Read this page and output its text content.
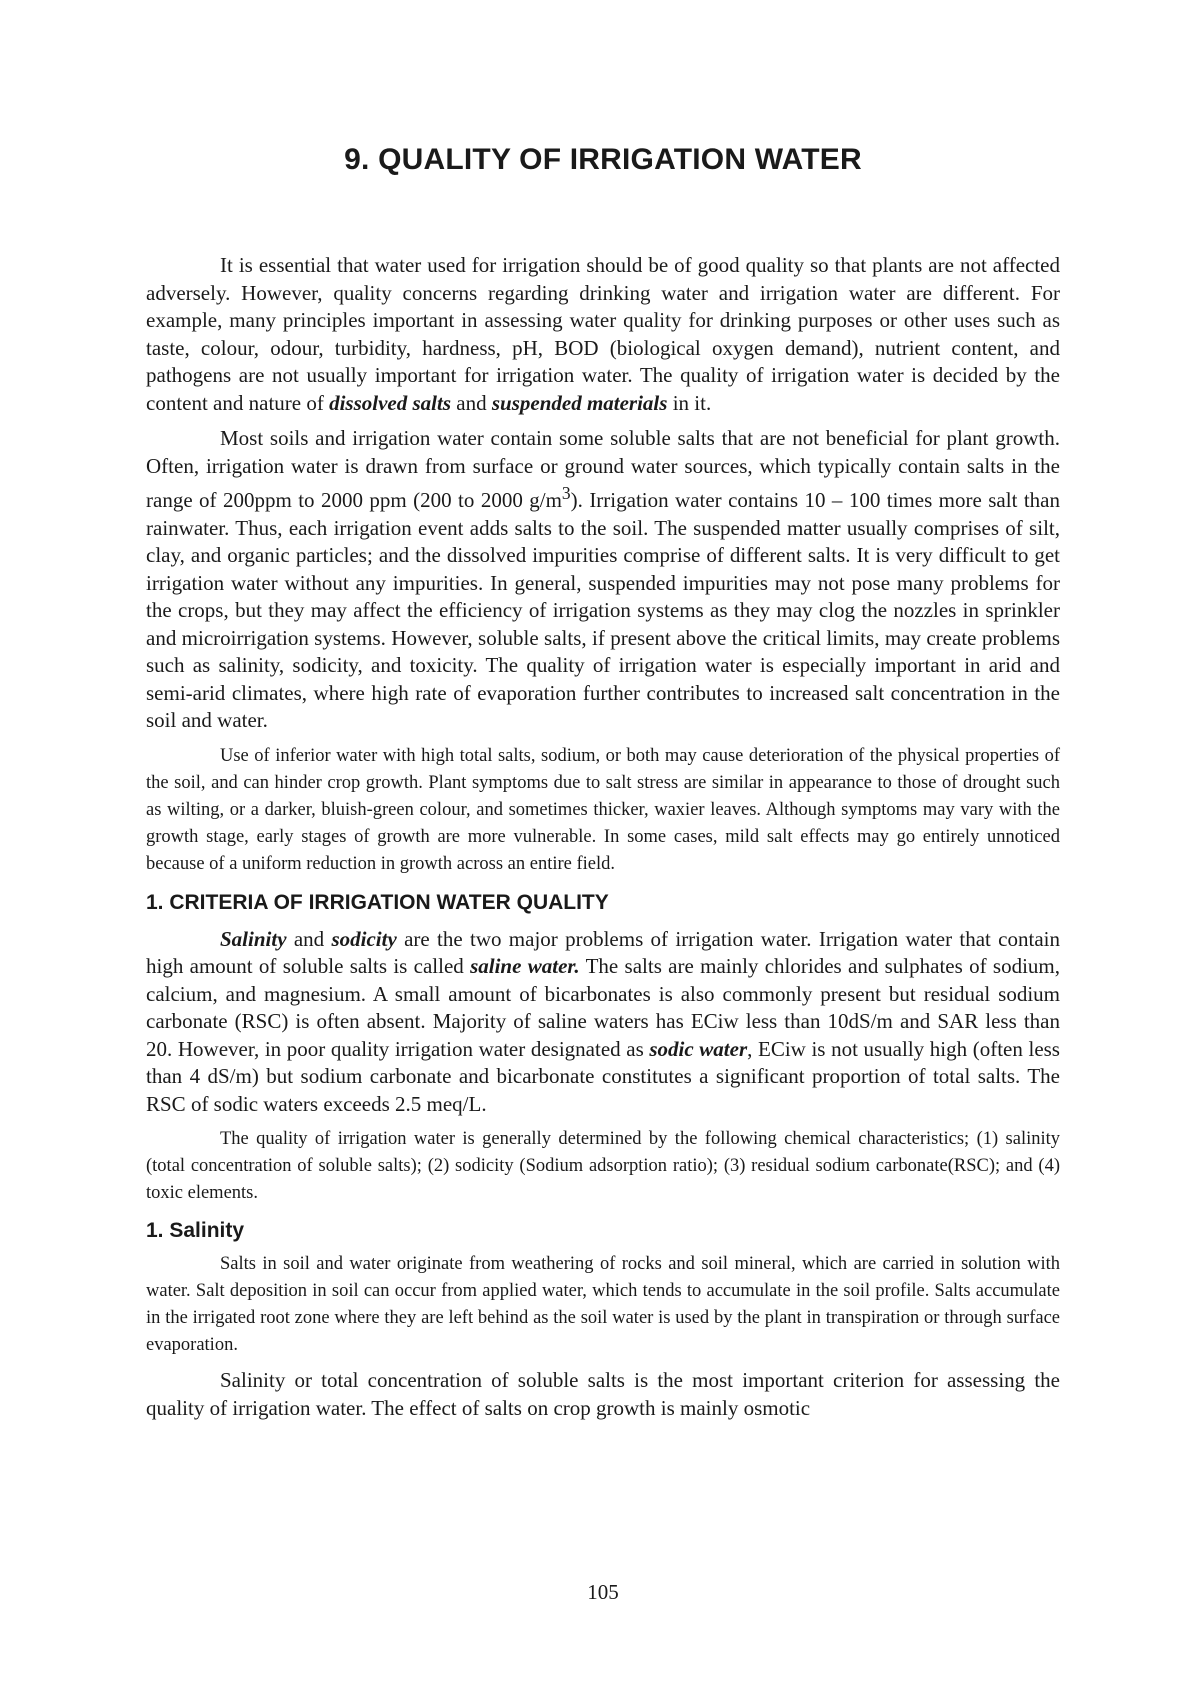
9. QUALITY OF IRRIGATION WATER

It is essential that water used for irrigation should be of good quality so that plants are not affected adversely. However, quality concerns regarding drinking water and irrigation water are different. For example, many principles important in assessing water quality for drinking purposes or other uses such as taste, colour, odour, turbidity, hardness, pH, BOD (biological oxygen demand), nutrient content, and pathogens are not usually important for irrigation water. The quality of irrigation water is decided by the content and nature of dissolved salts and suspended materials in it.

Most soils and irrigation water contain some soluble salts that are not beneficial for plant growth. Often, irrigation water is drawn from surface or ground water sources, which typically contain salts in the range of 200ppm to 2000 ppm (200 to 2000 $g/m^3$). Irrigation water contains 10 – 100 times more salt than rainwater. Thus, each irrigation event adds salts to the soil. The suspended matter usually comprises of silt, clay, and organic particles; and the dissolved impurities comprise of different salts. It is very difficult to get irrigation water without any impurities. In general, suspended impurities may not pose many problems for the crops, but they may affect the efficiency of irrigation systems as they may clog the nozzles in sprinkler and microirrigation systems. However, soluble salts, if present above the critical limits, may create problems such as salinity, sodicity, and toxicity. The quality of irrigation water is especially important in arid and semi-arid climates, where high rate of evaporation further contributes to increased salt concentration in the soil and water.

Use of inferior water with high total salts, sodium, or both may cause deterioration of the physical properties of the soil, and can hinder crop growth. Plant symptoms due to salt stress are similar in appearance to those of drought such as wilting, or a darker, bluish-green colour, and sometimes thicker, waxier leaves. Although symptoms may vary with the growth stage, early stages of growth are more vulnerable. In some cases, mild salt effects may go entirely unnoticed because of a uniform reduction in growth across an entire field.

1. CRITERIA OF IRRIGATION WATER QUALITY

Salinity and sodicity are the two major problems of irrigation water. Irrigation water that contain high amount of soluble salts is called saline water. The salts are mainly chlorides and sulphates of sodium, calcium, and magnesium. A small amount of bicarbonates is also commonly present but residual sodium carbonate (RSC) is often absent. Majority of saline waters has ECiw less than 10dS/m and SAR less than 20. However, in poor quality irrigation water designated as sodic water, ECiw is not usually high (often less than 4 dS/m) but sodium carbonate and bicarbonate constitutes a significant proportion of total salts. The RSC of sodic waters exceeds 2.5 meq/L.

The quality of irrigation water is generally determined by the following chemical characteristics; (1) salinity (total concentration of soluble salts); (2) sodicity (Sodium adsorption ratio); (3) residual sodium carbonate(RSC); and (4) toxic elements.

1. Salinity

Salts in soil and water originate from weathering of rocks and soil mineral, which are carried in solution with water. Salt deposition in soil can occur from applied water, which tends to accumulate in the soil profile. Salts accumulate in the irrigated root zone where they are left behind as the soil water is used by the plant in transpiration or through surface evaporation.

Salinity or total concentration of soluble salts is the most important criterion for assessing the quality of irrigation water. The effect of salts on crop growth is mainly osmotic

105
